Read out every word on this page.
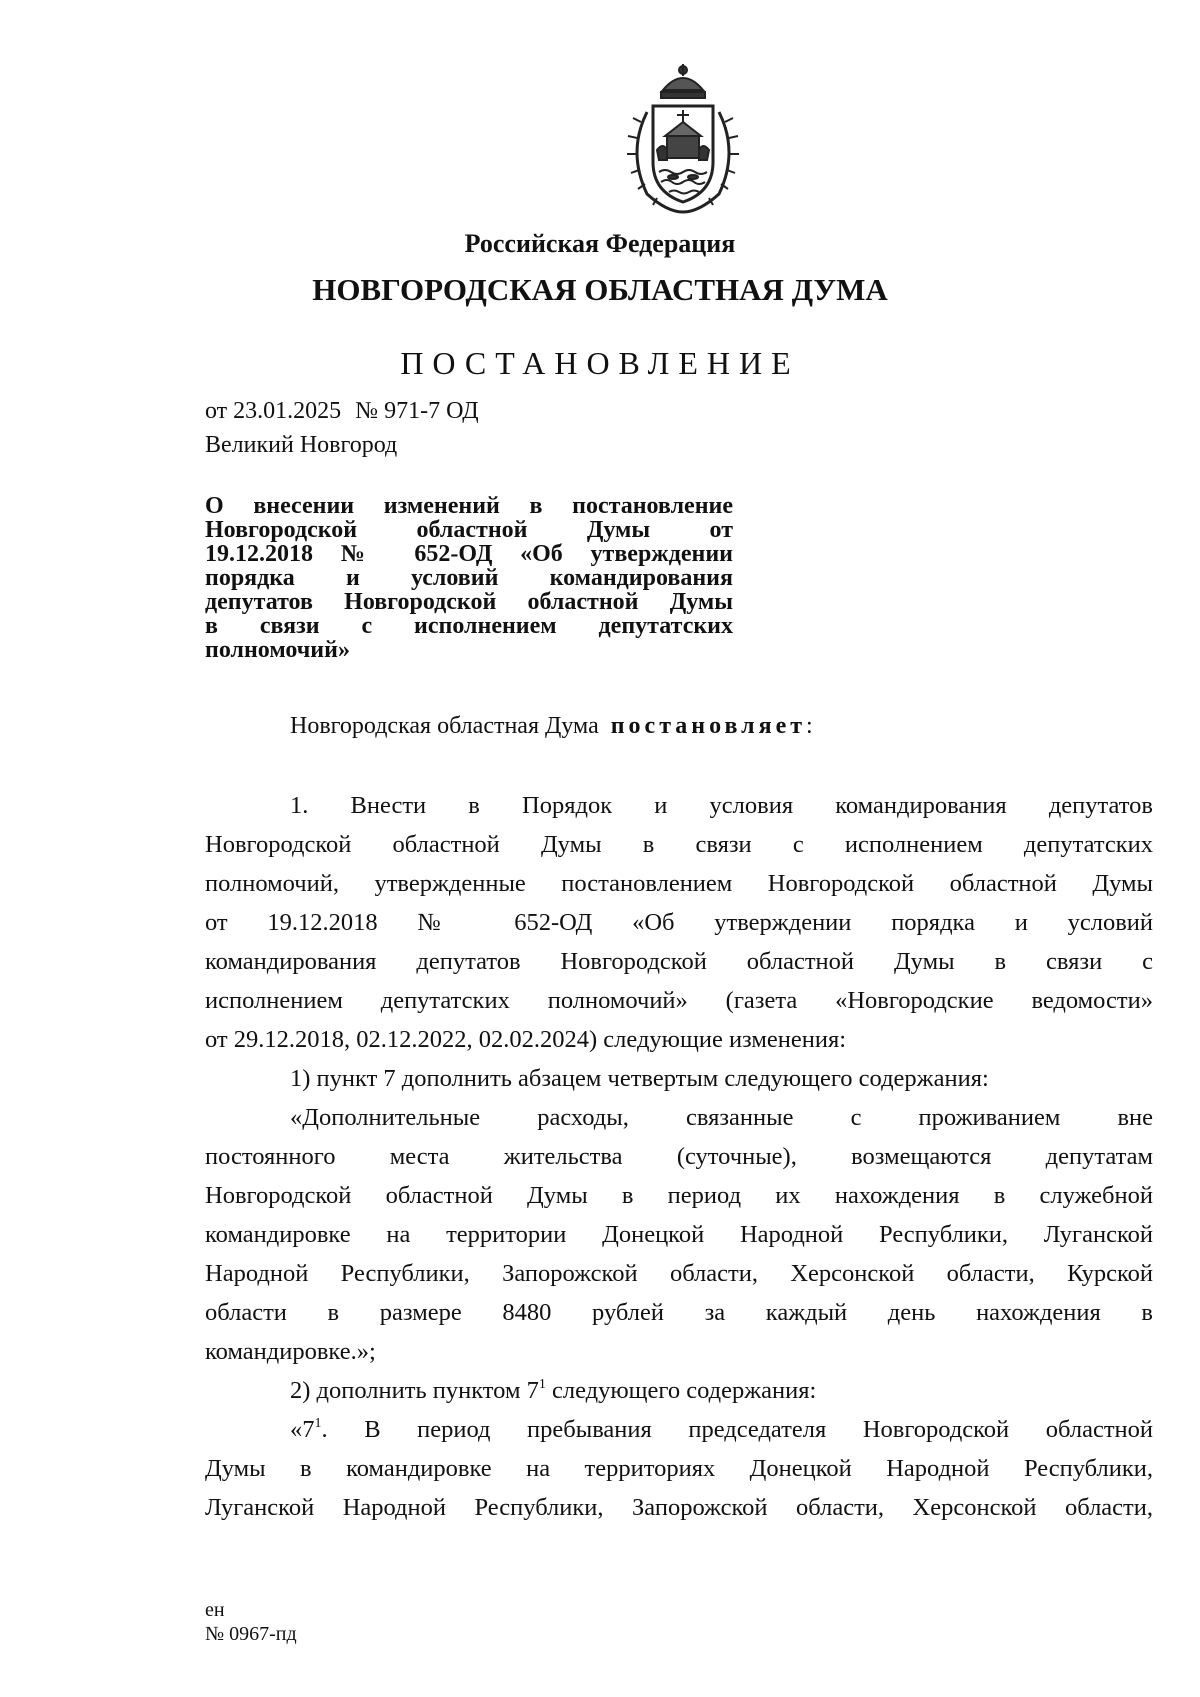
Российская Федерация
НОВГОРОДСКАЯ ОБЛАСТНАЯ ДУМА
ПОСТАНОВЛЕНИЕ
от 23.01.2025 № 971-7 ОД
Великий Новгород
О внесении изменений в постановление
Новгородской областной Думы от
19.12.2018 № 652-ОД «Об утверждении
порядка и условий командирования
депутатов Новгородской областной Думы
в связи с исполнением депутатских
полномочий»
Новгородская областная Дума постановляет:
1. Внести в Порядок и условия командирования депутатов
Новгородской областной Думы в связи с исполнением депутатских
полномочий, утвержденные постановлением Новгородской областной Думы
от 19.12.2018 № 652-ОД «Об утверждении порядка и условий
командирования депутатов Новгородской областной Думы в связи с
исполнением депутатских полномочий» (газета «Новгородские ведомости»
от 29.12.2018, 02.12.2022, 02.02.2024) следующие изменения:
1) пункт 7 дополнить абзацем четвертым следующего содержания:
«Дополнительные расходы, связанные с проживанием вне
постоянного места жительства (суточные), возмещаются депутатам
Новгородской областной Думы в период их нахождения в служебной
командировке на территории Донецкой Народной Республики, Луганской
Народной Республики, Запорожской области, Херсонской области, Курской
области в размере 8480 рублей за каждый день нахождения в
командировке.»;
2) дополнить пунктом $7^1$ следующего содержания:
«$7^1$. В период пребывания председателя Новгородской областной
Думы в командировке на территориях Донецкой Народной Республики,
Луганской Народной Республики, Запорожской области, Херсонской области,
ен
№ 0967-пд
